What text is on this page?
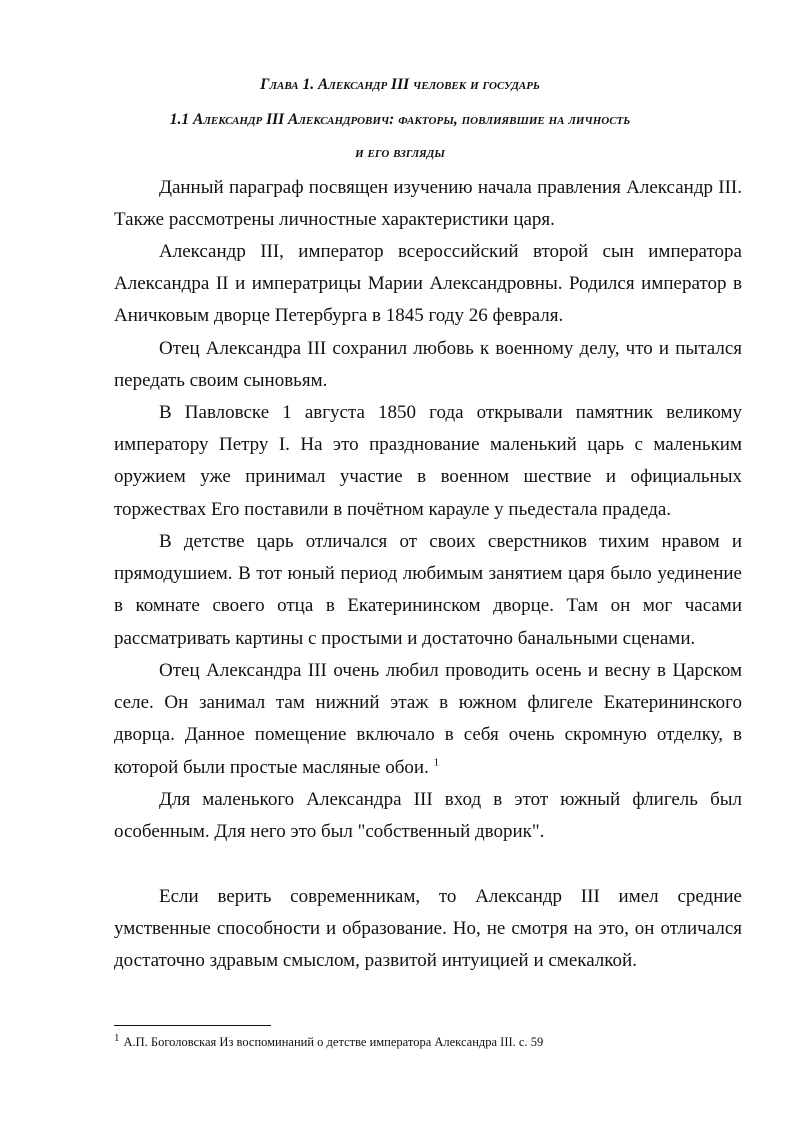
Глава 1. Александр III человек и государь
1.1 Александр III Александрович: факторы, повлиявшие на личность
и его взгляды

Данный параграф посвящен изучению начала правления Александр III. Также рассмотрены личностные характеристики царя.

Александр III, император всероссийский второй сын императора Александра II и императрицы Марии Александровны. Родился император в Аничковым дворце Петербурга в 1845 году 26 февраля.

Отец Александра III сохранил любовь к военному делу, что и пытался передать своим сыновьям.

В Павловске 1 августа 1850 года открывали памятник великому императору Петру I. На это празднование маленький царь с маленьким оружием уже принимал участие в военном шествие и официальных торжествах Его поставили в почётном карауле у пьедестала прадеда.

В детстве царь отличался от своих сверстников тихим нравом и прямодушием. В тот юный период любимым занятием царя было уединение в комнате своего отца в Екатерининском дворце. Там он мог часами рассматривать картины с простыми и достаточно банальными сценами.

Отец Александра III очень любил проводить осень и весну в Царском селе. Он занимал там нижний этаж в южном флигеле Екатерининского дворца. Данное помещение включало в себя очень скромную отделку, в которой были простые масляные обои. $^1$

Для маленького Александра III вход в этот южный флигель был особенным. Для него это был "собственный дворик".

Если верить современникам, то Александр III имел средние умственные способности и образование. Но, не смотря на это, он отличался достаточно здравым смыслом, развитой интуицией и смекалкой.

1 А.П. Боголовская Из воспоминаний о детстве императора Александра III. с. 59
